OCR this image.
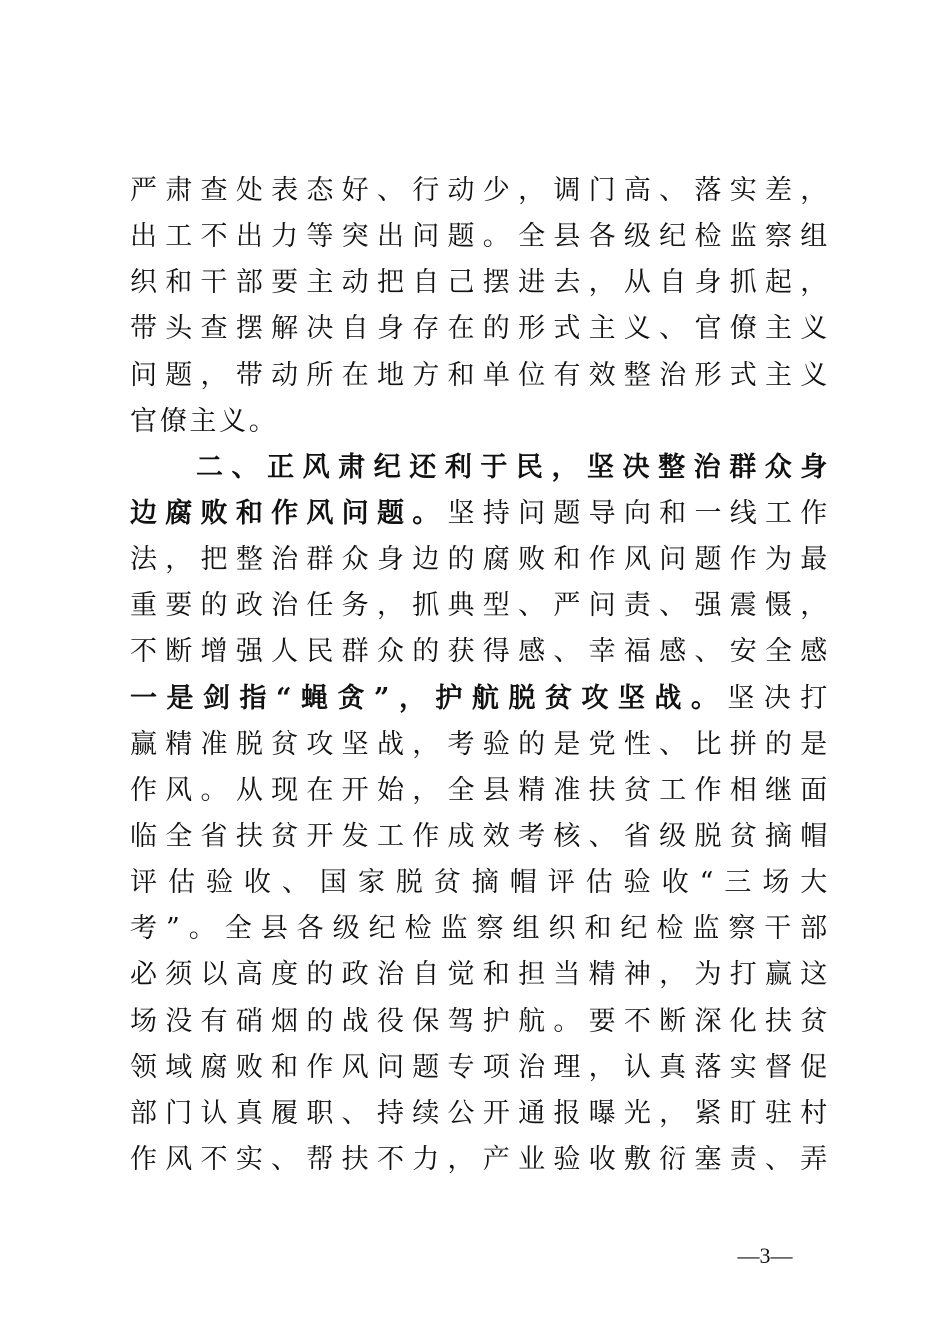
严肃查处表态好、行动少，调门高、落实差，
出工不出力等突出问题。全县各级纪检监察组
织和干部要主动把自己摆进去，从自身抓起，
带头查摆解决自身存在的形式主义、官僚主义
问题，带动所在地方和单位有效整治形式主义
官僚主义。
二、正风肃纪还利于民，坚决整治群众身
边腐败和作风问题。坚持问题导向和一线工作
法，把整治群众身边的腐败和作风问题作为最
重要的政治任务，抓典型、严问责、强震慑，
不断增强人民群众的获得感、幸福感、安全感
一是剑指“蝇贪”，护航脱贫攻坚战。坚决打
赢精准脱贫攻坚战，考验的是党性、比拼的是
作风。从现在开始，全县精准扶贫工作相继面
临全省扶贫开发工作成效考核、省级脱贫摘帽
评估验收、国家脱贫摘帽评估验收“三场大
考”。全县各级纪检监察组织和纪检监察干部
必须以高度的政治自觉和担当精神，为打赢这
场没有硝烟的战役保驾护航。要不断深化扶贫
领域腐败和作风问题专项治理，认真落实督促
部门认真履职、持续公开通报曝光，紧盯驻村
作风不实、帮扶不力，产业验收敷衍塞责、弄
—3—
